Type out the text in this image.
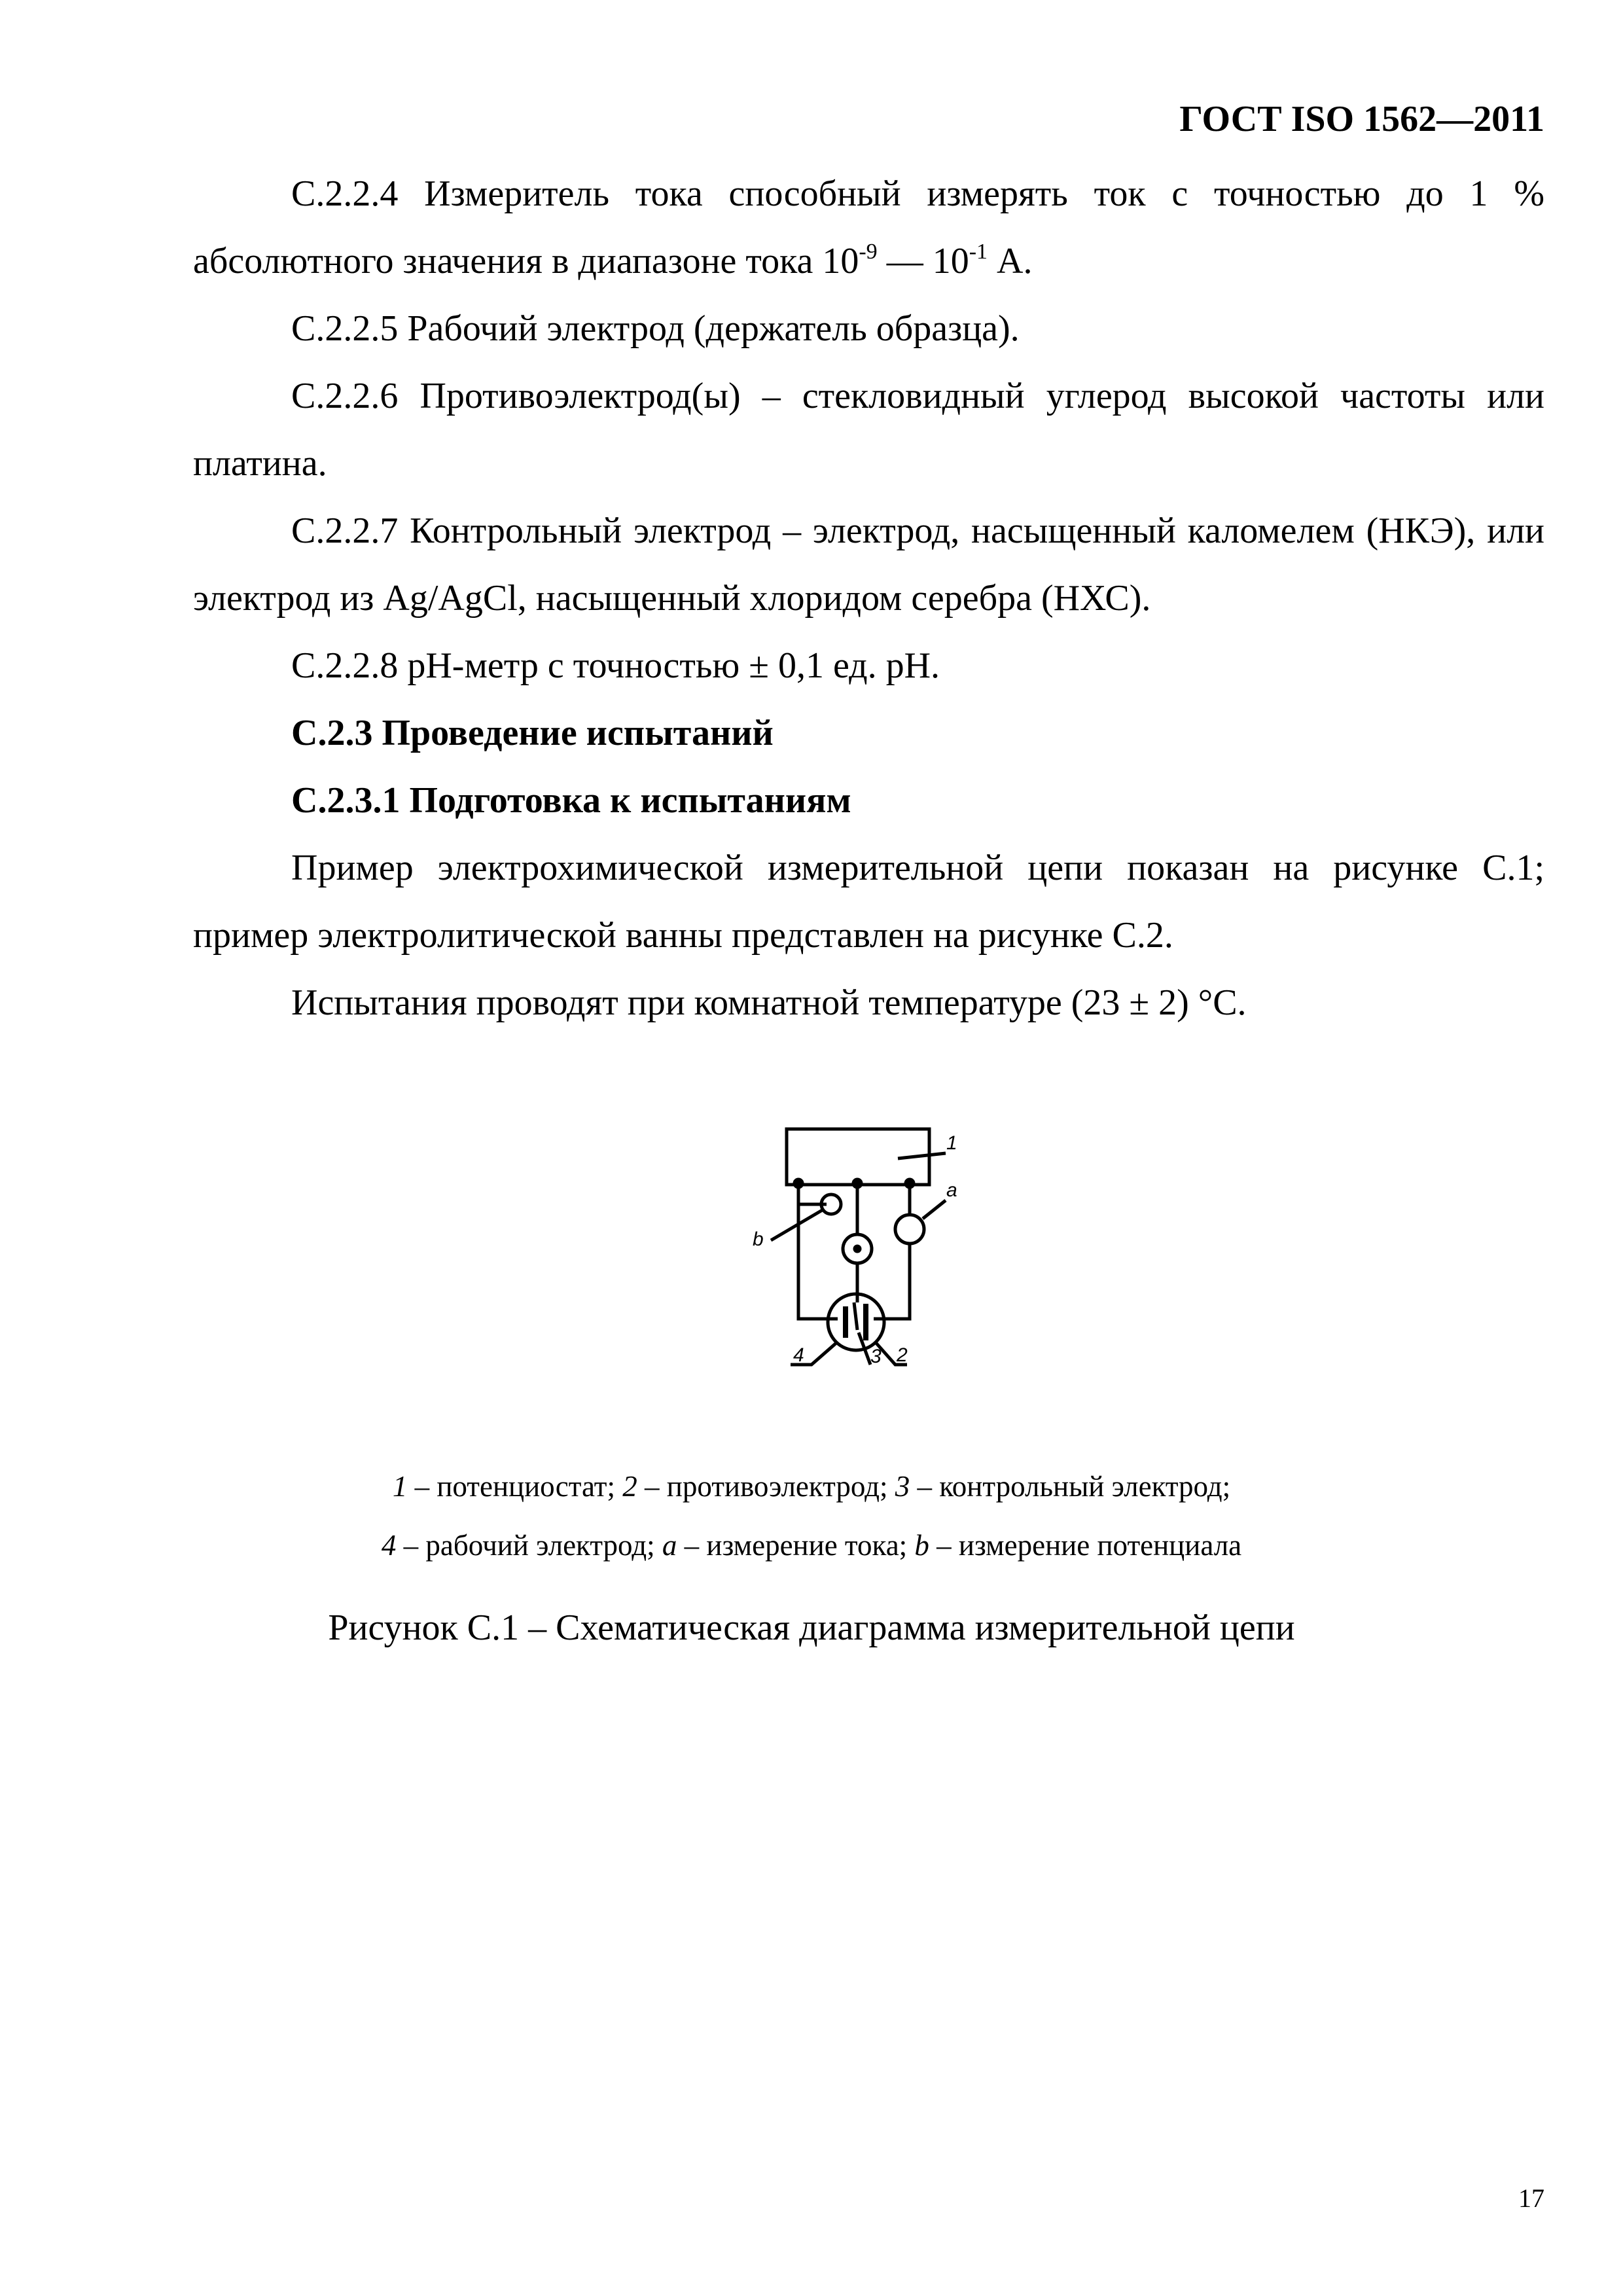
ГОСТ ISO 1562—2011

С.2.2.4 Измеритель тока способный измерять ток с точностью до 1 % абсолютного значения в диапазоне тока $10^{-9}$ — $10^{-1}$ А.

С.2.2.5 Рабочий электрод (держатель образца).

С.2.2.6 Противоэлектрод(ы) – стекловидный углерод высокой частоты или платина.

С.2.2.7 Контрольный электрод – электрод, насыщенный каломелем (НКЭ), или электрод из Ag/AgCl, насыщенный хлоридом серебра (НХС).

С.2.2.8 рН-метр с точностью ± 0,1 ед. рН.

С.2.3 Проведение испытаний

С.2.3.1 Подготовка к испытаниям

Пример электрохимической измерительной цепи показан на рисунке С.1; пример электролитической ванны представлен на рисунке С.2.

Испытания проводят при комнатной температуре (23 ± 2) °С.

1
a
b
4	3 2
1 – потенциостат; 2 – противоэлектрод; 3 – контрольный электрод;
4 – рабочий электрод; a – измерение тока; b – измерение потенциала
Рисунок С.1 – Схематическая диаграмма измерительной цепи
17
